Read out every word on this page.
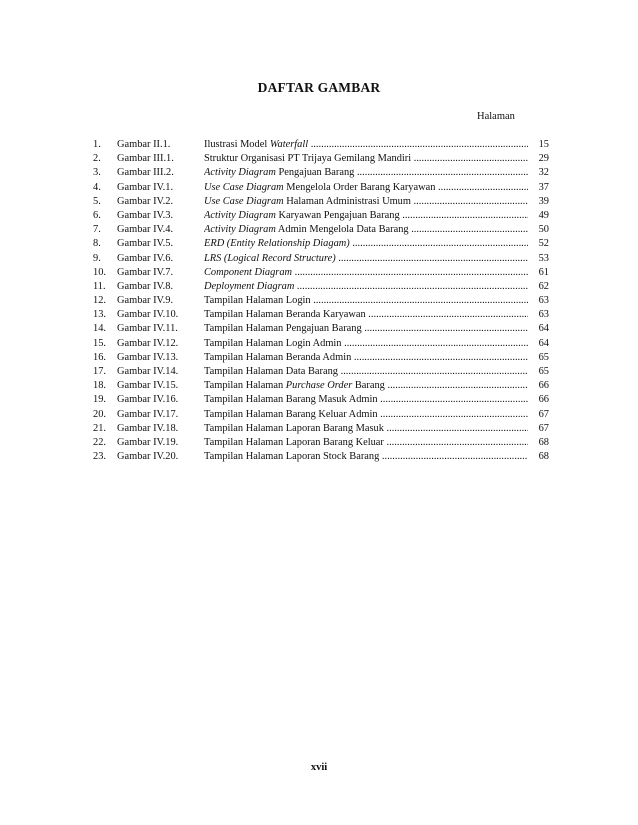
DAFTAR GAMBAR
Halaman
1. Gambar II.1.	Ilustrasi Model Waterfall .....	15
2. Gambar III.1.	Struktur Organisasi PT Trijaya Gemilang Mandiri .....	29
3. Gambar III.2.	Activity Diagram Pengajuan Barang .....	32
4. Gambar IV.1.	Use Case Diagram Mengelola Order Barang Karyawan .....	37
5. Gambar IV.2.	Use Case Diagram Halaman Administrasi Umum .....	39
6. Gambar IV.3.	Activity Diagram Karyawan Pengajuan Barang .....	49
7. Gambar IV.4.	Activity Diagram Admin Mengelola Data Barang .....	50
8. Gambar IV.5.	ERD (Entity Relationship Diagam) .....	52
9. Gambar IV.6.	LRS (Logical Record Structure) .....	53
10. Gambar IV.7.	Component Diagram .....	61
11. Gambar IV.8.	Deployment Diagram .....	62
12. Gambar IV.9.	Tampilan Halaman Login .....	63
13. Gambar IV.10. Tampilan Halaman Beranda Karyawan .....	63
14. Gambar IV.11.	Tampilan Halaman Pengajuan Barang .....	64
15. Gambar IV.12. Tampilan Halaman Login Admin .....	64
16. Gambar IV.13. Tampilan Halaman Beranda Admin .....	65
17. Gambar IV.14. Tampilan Halaman Data Barang .....	65
18. Gambar IV.15. Tampilan Halaman Purchase Order Barang .....	66
19. Gambar IV.16. Tampilan Halaman Barang Masuk Admin .....	66
20. Gambar IV.17. Tampilan Halaman Barang Keluar Admin .....	67
21. Gambar IV.18. Tampilan Halaman Laporan Barang Masuk .....	67
22. Gambar IV.19. Tampilan Halaman Laporan Barang Keluar .....	68
23. Gambar IV.20. Tampilan Halaman Laporan Stock Barang .....	68
xvii
